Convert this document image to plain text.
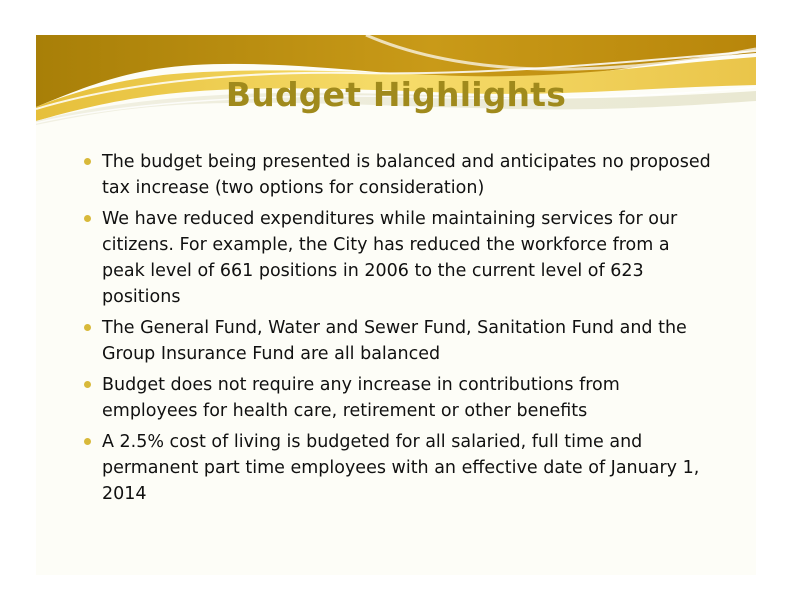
Budget Highlights
The budget being presented is balanced and anticipates no proposed tax increase (two options for consideration)
We have reduced expenditures while maintaining services for our citizens. For example, the City has reduced the workforce from a peak level of 661 positions in 2006 to the current level of 623 positions
The General Fund, Water and Sewer Fund, Sanitation Fund and the Group Insurance Fund are all balanced
Budget does not require any increase in contributions from employees for health care, retirement or other benefits
A 2.5% cost of living is budgeted for all salaried, full time and permanent part time employees with an effective date of January 1, 2014
